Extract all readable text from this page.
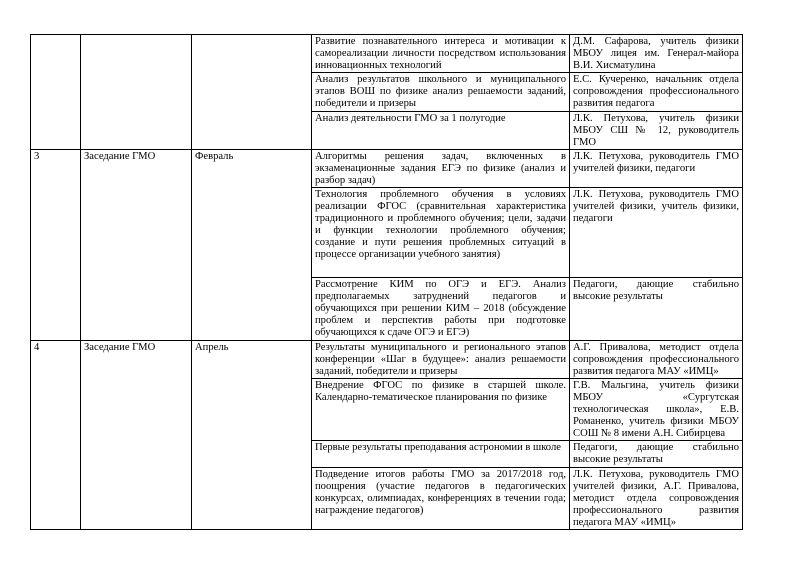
			Развитие познавательного интереса и мотивации к самореализации личности посредством использования инновационных технологий	Д.М. Сафарова, учитель физики МБОУ лицея им. Генерал-майора В.И. Хисматулина
			Анализ результатов школьного и муниципального этапов ВОШ по физике анализ решаемости заданий, победители и призеры	Е.С. Кучеренко, начальник отдела сопровождения профессионального развития педагога
			Анализ деятельности ГМО за 1 полугодие	Л.К. Петухова, учитель физики МБОУ СШ № 12, руководитель ГМО
3	Заседание ГМО	Февраль	Алгоритмы решения задач, включенных в экзаменационные задания ЕГЭ по физике (анализ и разбор задач)	Л.К. Петухова, руководитель ГМО учителей физики, педагоги
			Технология проблемного обучения в условиях реализации ФГОС (сравнительная характеристика традиционного и проблемного обучения; цели, задачи и функции технологии проблемного обучения; создание и пути решения проблемных ситуаций в процессе организации учебного занятия)	Л.К. Петухова, руководитель ГМО учителей физики, учитель физики, педагоги
			Рассмотрение КИМ по ОГЭ и ЕГЭ. Анализ предполагаемых затруднений педагогов и обучающихся при решении КИМ – 2018 (обсуждение проблем и перспектив работы при подготовке обучающихся к сдаче ОГЭ и ЕГЭ)	Педагоги, дающие стабильно высокие результаты
4	Заседание ГМО	Апрель	Результаты муниципального и регионального этапов конференции «Шаг в будущее»: анализ решаемости заданий, победители и призеры	А.Г. Привалова, методист отдела сопровождения профессионального развития педагога МАУ «ИМЦ»
			Внедрение ФГОС по физике в старшей школе. Календарно-тематическое планирования по физике	Г.В. Мальгина, учитель физики МБОУ «Сургутская технологическая школа», Е.В. Романенко, учитель физики МБОУ СОШ № 8 имени А.Н. Сибирцева
			Первые результаты преподавания астрономии в школе	Педагоги, дающие стабильно высокие результаты
			Подведение итогов работы ГМО за 2017/2018 год, поощрения (участие педагогов в педагогических конкурсах, олимпиадах, конференциях в течении года; награждение педагогов)	Л.К. Петухова, руководитель ГМО учителей физики, А.Г. Привалова, методист отдела сопровождения профессионального развития педагога МАУ «ИМЦ»
